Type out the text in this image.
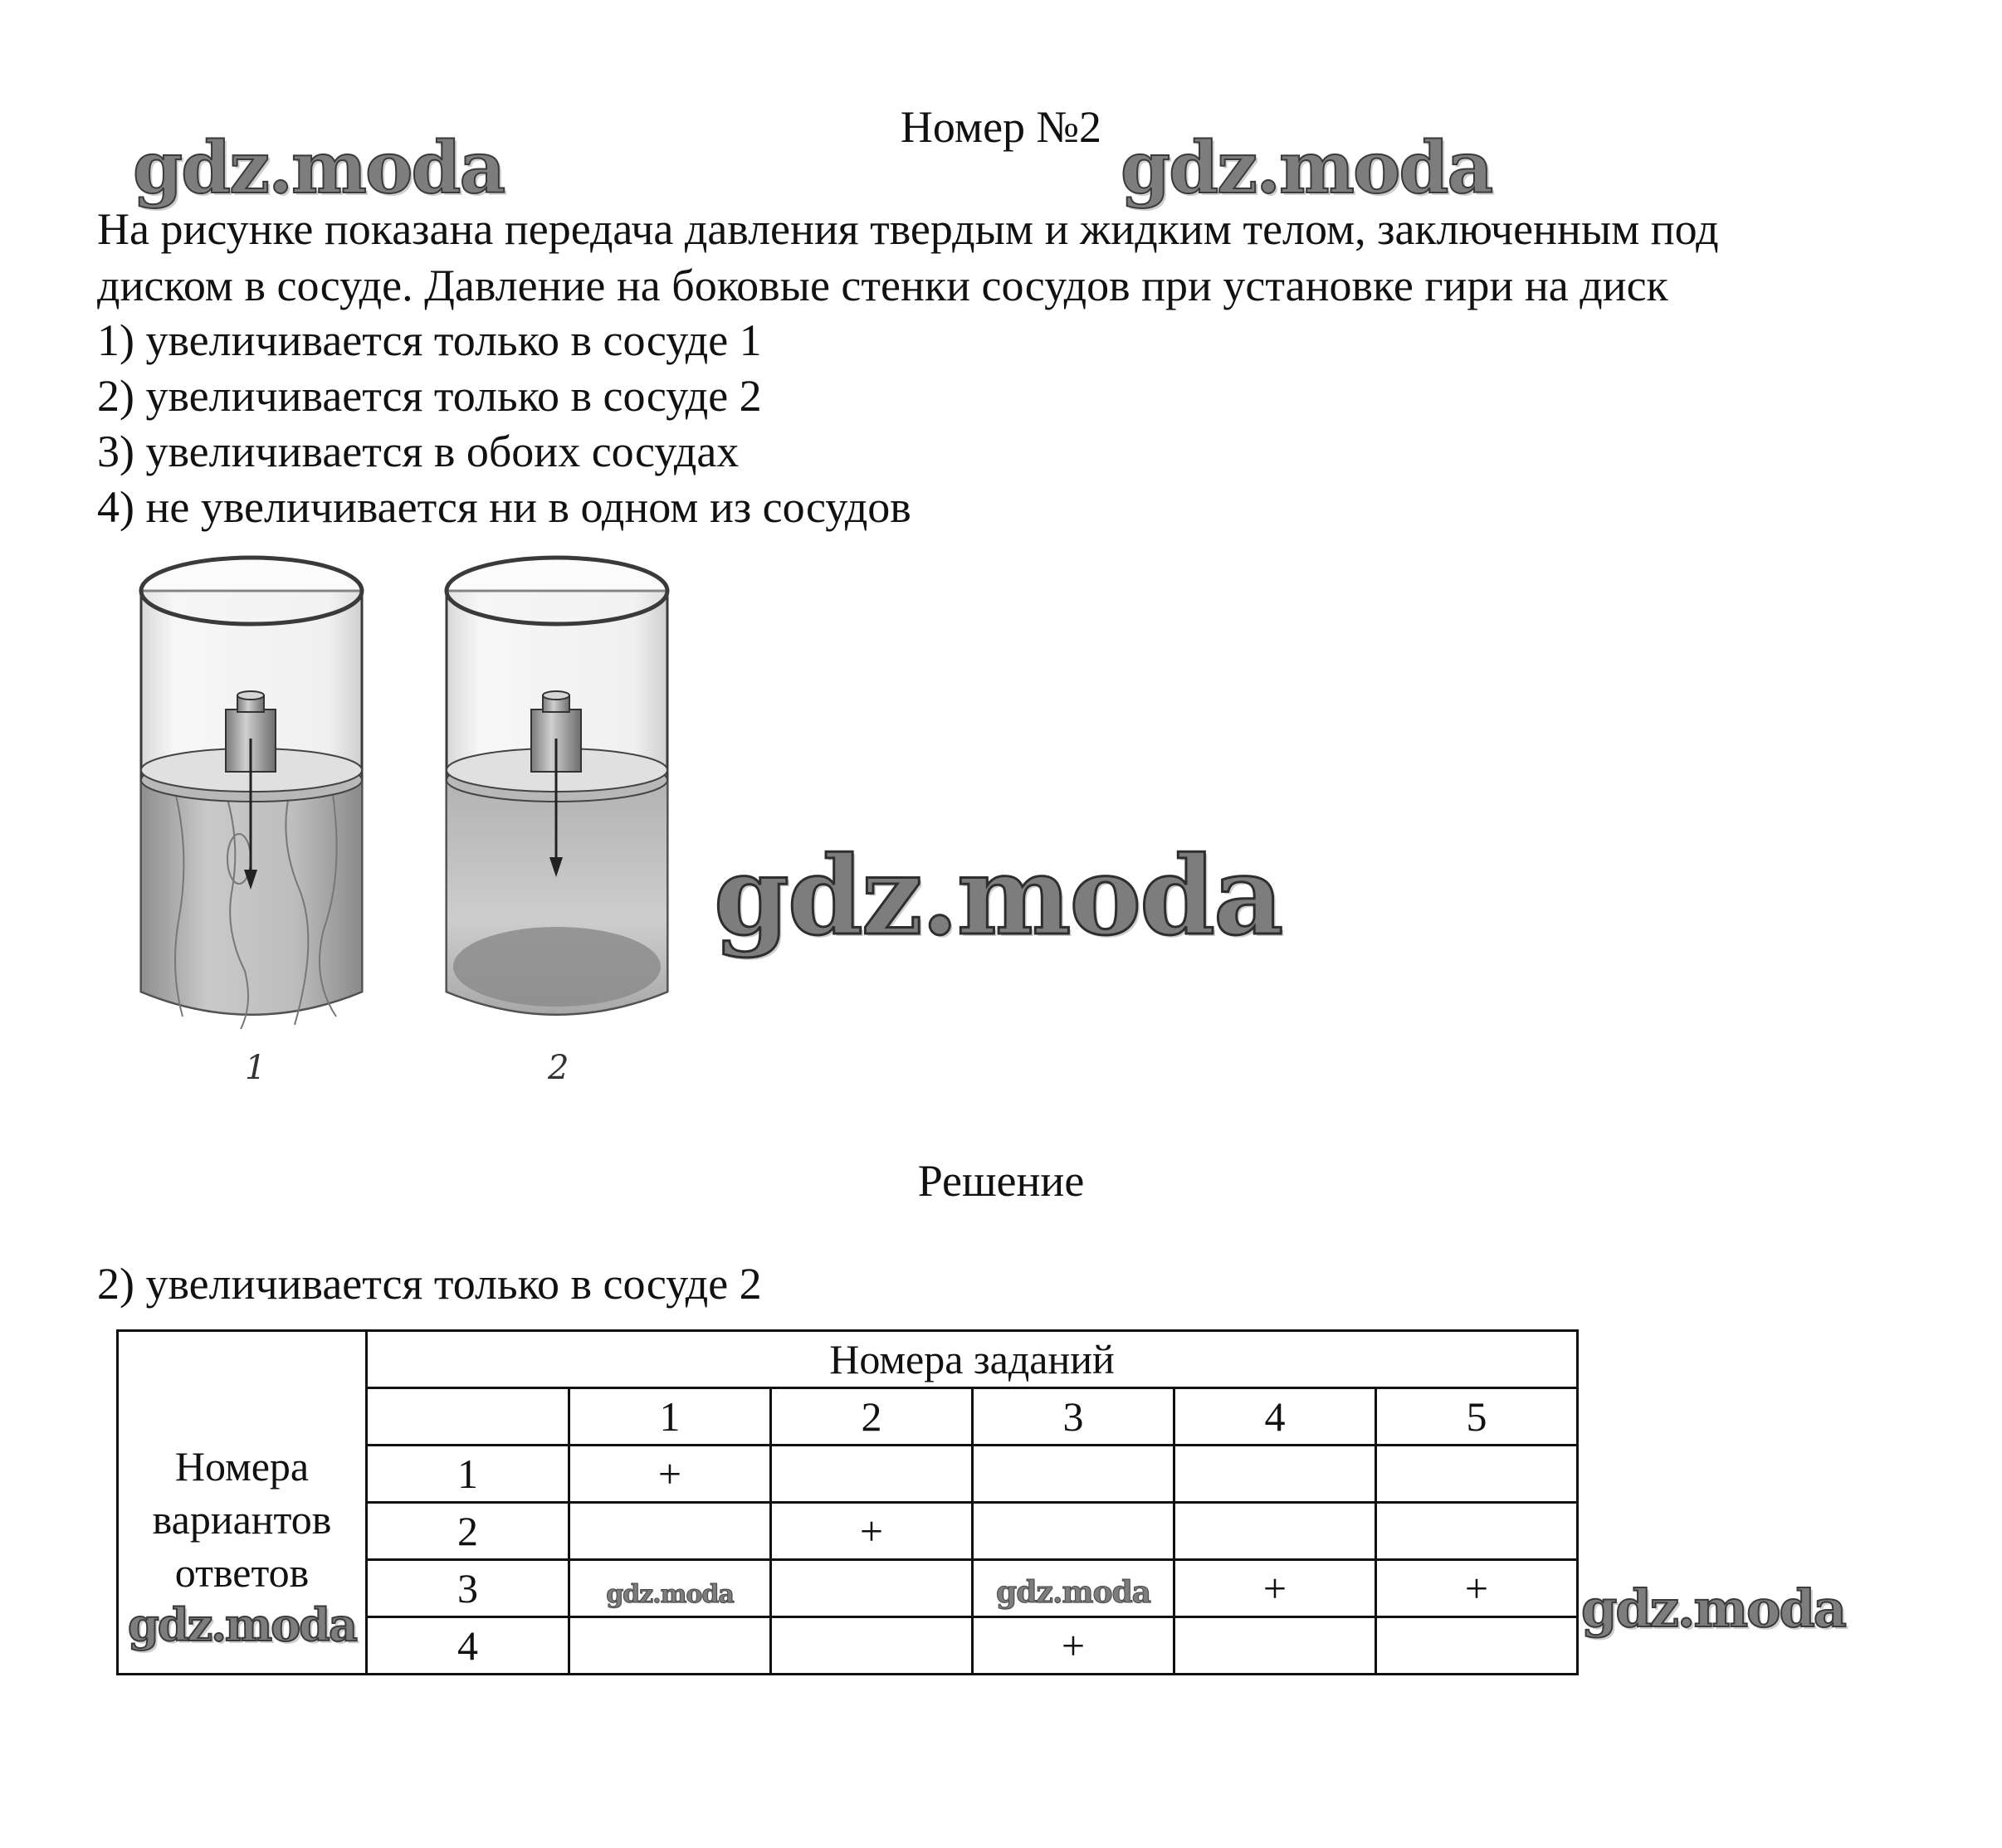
Номер №2
gdz.moda	gdz.moda
gdz.moda
gdz.moda
На рисунке показана передача давления твердым и жидким телом, заключенным под
диском в сосуде. Давление на боковые стенки сосудов при установке гири на диск
1) увеличивается только в сосуде 1
2) увеличивается только в сосуде 2
3) увеличивается в обоих сосудах
4) не увеличивается ни в одном из сосудов
1	2
Решение
2) увеличивается только в сосуде 2
Номера
вариантов
ответов
gdz.moda	Номера заданий					
		1	2	3	4	5
	1	+				
	2		+			
	3	gdz.moda		gdz.moda	+	+
	4			+		
